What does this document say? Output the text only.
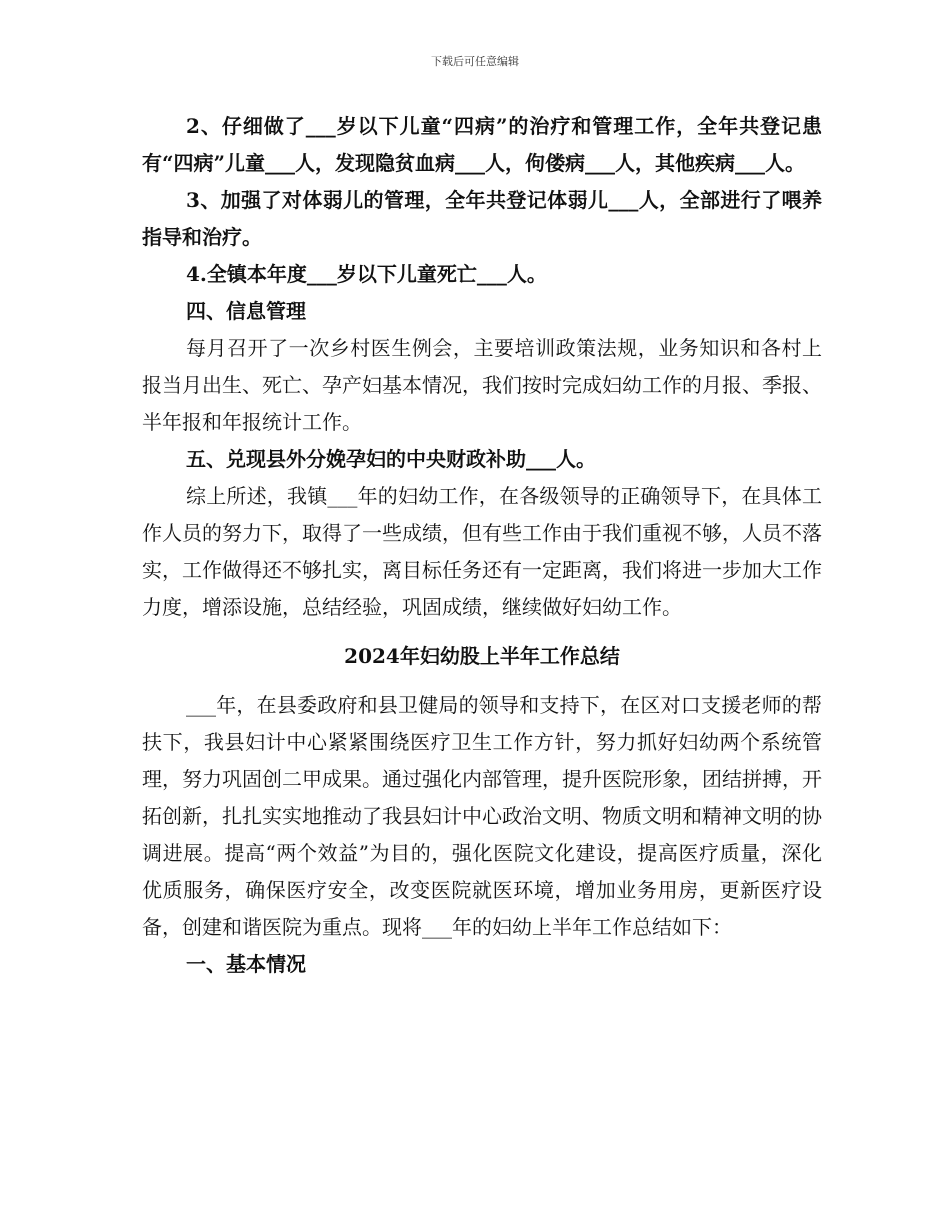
下载后可任意编辑

2、仔细做了___岁以下儿童“四病”的治疗和管理工作，全年共登记患有“四病”儿童___人，发现隐贫血病___人，佝偻病___人，其他疾病___人。

3、加强了对体弱儿的管理，全年共登记体弱儿___人，全部进行了喂养指导和治疗。

4.全镇本年度___岁以下儿童死亡___人。

四、信息管理

每月召开了一次乡村医生例会，主要培训政策法规，业务知识和各村上报当月出生、死亡、孕产妇基本情况，我们按时完成妇幼工作的月报、季报、半年报和年报统计工作。

五、兑现县外分娩孕妇的中央财政补助___人。

综上所述，我镇___年的妇幼工作，在各级领导的正确领导下，在具体工作人员的努力下，取得了一些成绩，但有些工作由于我们重视不够，人员不落实，工作做得还不够扎实，离目标任务还有一定距离，我们将进一步加大工作力度，增添设施，总结经验，巩固成绩，继续做好妇幼工作。

2024年妇幼股上半年工作总结

___年，在县委政府和县卫健局的领导和支持下，在区对口支援老师的帮扶下，我县妇计中心紧紧围绕医疗卫生工作方针，努力抓好妇幼两个系统管理，努力巩固创二甲成果。通过强化内部管理，提升医院形象，团结拼搏，开拓创新，扎扎实实地推动了我县妇计中心政治文明、物质文明和精神文明的协调进展。提高“两个效益”为目的，强化医院文化建设，提高医疗质量，深化优质服务，确保医疗安全，改变医院就医环境，增加业务用房，更新医疗设备，创建和谐医院为重点。现将___年的妇幼上半年工作总结如下：

一、基本情况
